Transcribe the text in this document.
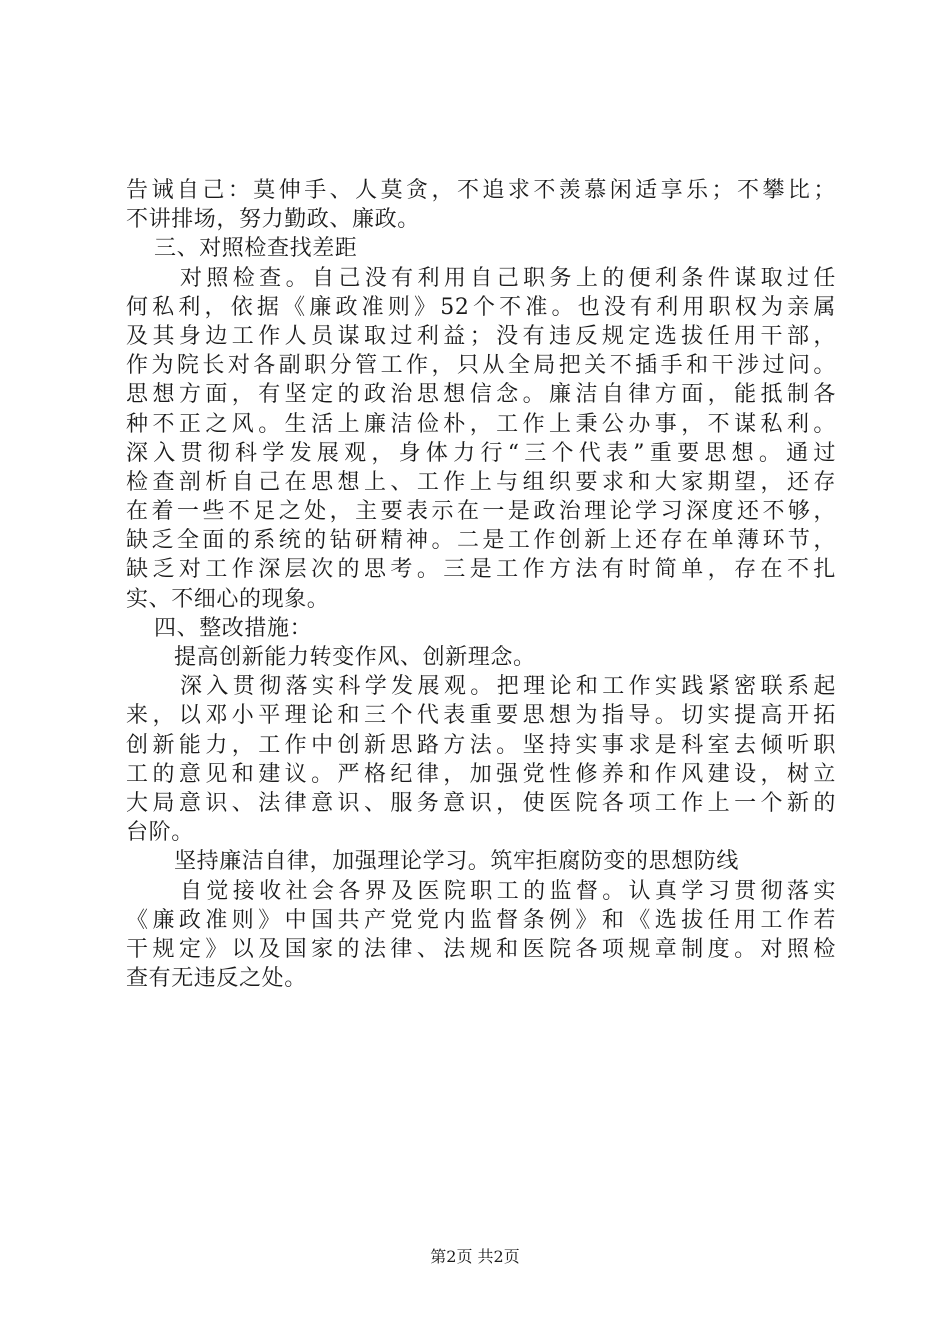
告诫自己：莫伸手、人莫贪，不追求不羡慕闲适享乐；不攀比；
不讲排场，努力勤政、廉政。
三、对照检查找差距
对照检查。自己没有利用自己职务上的便利条件谋取过任
何私利，依据《廉政准则》52个不准。也没有利用职权为亲属
及其身边工作人员谋取过利益；没有违反规定选拔任用干部，
作为院长对各副职分管工作，只从全局把关不插手和干涉过问。
思想方面，有坚定的政治思想信念。廉洁自律方面，能抵制各
种不正之风。生活上廉洁俭朴，工作上秉公办事，不谋私利。
深入贯彻科学发展观，身体力行“三个代表”重要思想。通过
检查剖析自己在思想上、工作上与组织要求和大家期望，还存
在着一些不足之处，主要表示在一是政治理论学习深度还不够，
缺乏全面的系统的钻研精神。二是工作创新上还存在单薄环节，
缺乏对工作深层次的思考。三是工作方法有时简单，存在不扎
实、不细心的现象。
四、整改措施：
提高创新能力转变作风、创新理念。
深入贯彻落实科学发展观。把理论和工作实践紧密联系起
来，以邓小平理论和三个代表重要思想为指导。切实提高开拓
创新能力，工作中创新思路方法。坚持实事求是科室去倾听职
工的意见和建议。严格纪律，加强党性修养和作风建设，树立
大局意识、法律意识、服务意识，使医院各项工作上一个新的
台阶。
坚持廉洁自律，加强理论学习。筑牢拒腐防变的思想防线
自觉接收社会各界及医院职工的监督。认真学习贯彻落实
《廉政准则》中国共产党党内监督条例》和《选拔任用工作若
干规定》以及国家的法律、法规和医院各项规章制度。对照检
查有无违反之处。
第2页 共2页
